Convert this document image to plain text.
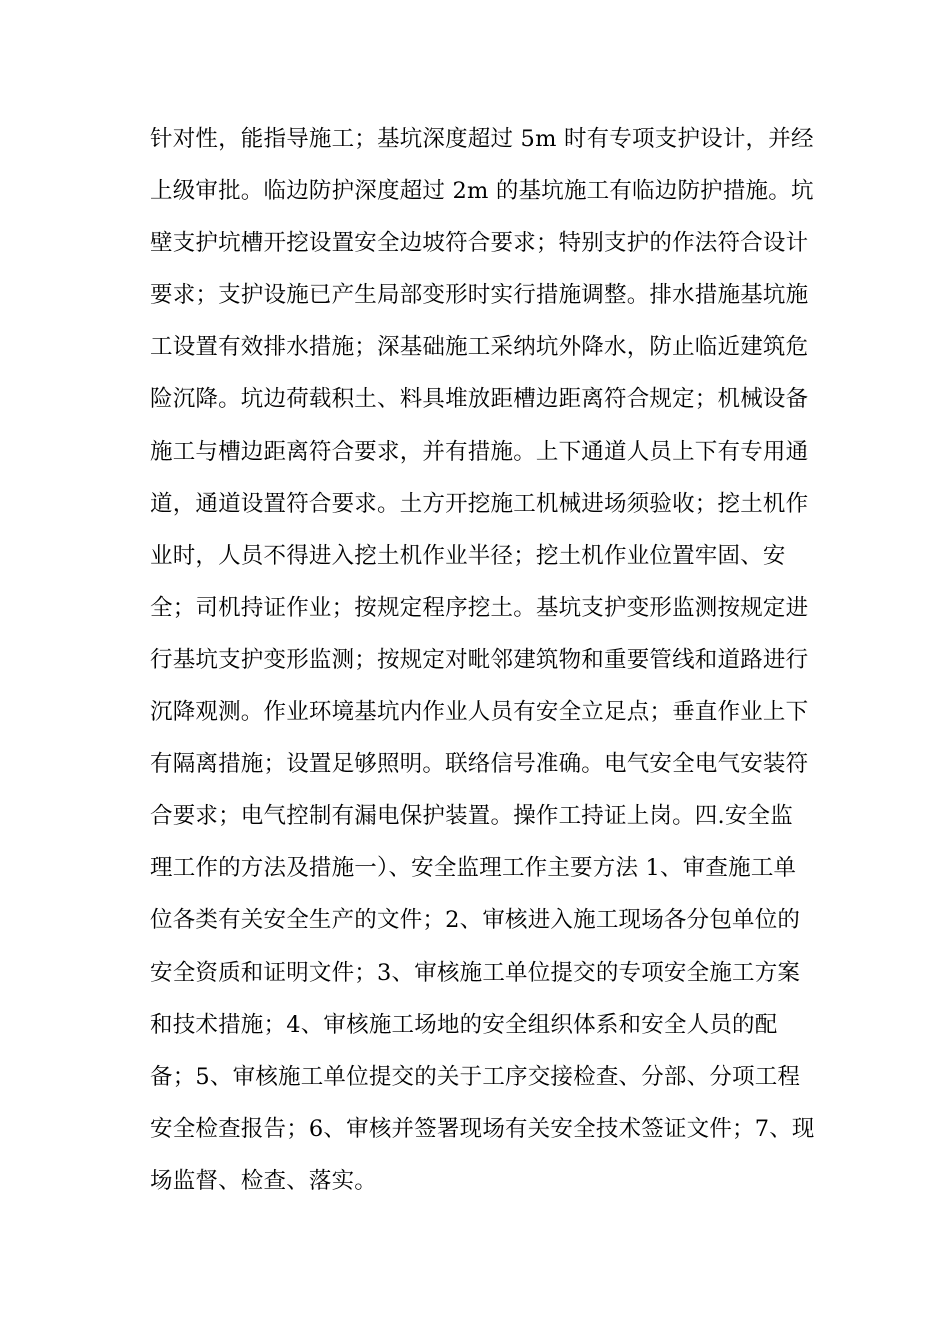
针对性，能指导施工；基坑深度超过 5m 时有专项支护设计，并经
上级审批。临边防护深度超过 2m 的基坑施工有临边防护措施。坑
壁支护坑槽开挖设置安全边坡符合要求；特别支护的作法符合设计
要求；支护设施已产生局部变形时实行措施调整。排水措施基坑施
工设置有效排水措施；深基础施工采纳坑外降水，防止临近建筑危
险沉降。坑边荷载积土、料具堆放距槽边距离符合规定；机械设备
施工与槽边距离符合要求，并有措施。上下通道人员上下有专用通
道，通道设置符合要求。土方开挖施工机械进场须验收；挖土机作
业时，人员不得进入挖土机作业半径；挖土机作业位置牢固、安
全；司机持证作业；按规定程序挖土。基坑支护变形监测按规定进
行基坑支护变形监测；按规定对毗邻建筑物和重要管线和道路进行
沉降观测。作业环境基坑内作业人员有安全立足点；垂直作业上下
有隔离措施；设置足够照明。联络信号准确。电气安全电气安装符
合要求；电气控制有漏电保护装置。操作工持证上岗。四.安全监
理工作的方法及措施一）、安全监理工作主要方法 1、审查施工单
位各类有关安全生产的文件；2、审核进入施工现场各分包单位的
安全资质和证明文件；3、审核施工单位提交的专项安全施工方案
和技术措施；4、审核施工场地的安全组织体系和安全人员的配
备；5、审核施工单位提交的关于工序交接检查、分部、分项工程
安全检查报告；6、审核并签署现场有关安全技术签证文件；7、现
场监督、检查、落实。
